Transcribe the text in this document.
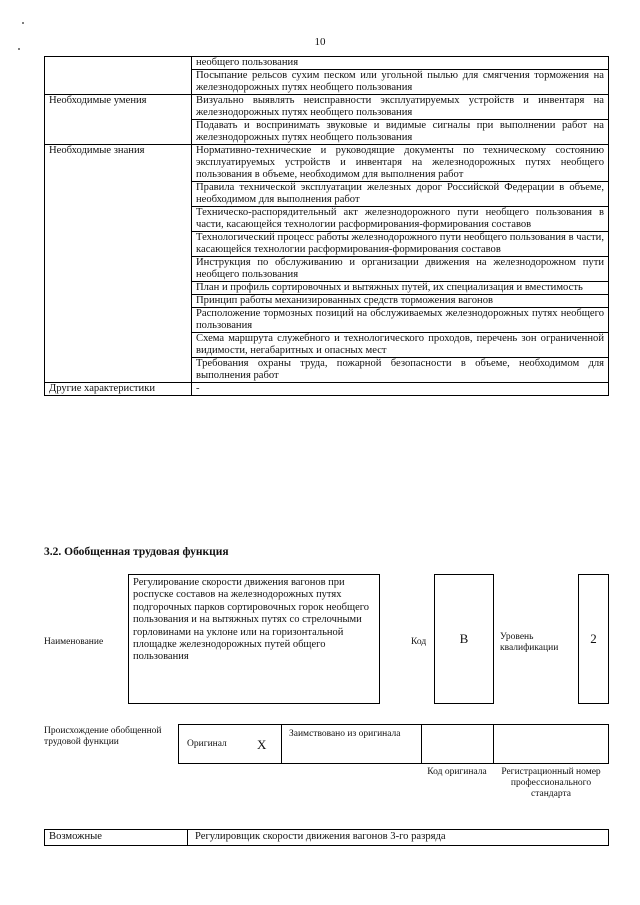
10
	необщего пользования
	Посыпание рельсов сухим песком или угольной пылью для смягчения торможения на железнодорожных путях необщего пользования
Необходимые умения	Визуально выявлять неисправности эксплуатируемых устройств и инвентаря на железнодорожных путях необщего пользования
	Подавать и воспринимать звуковые и видимые сигналы при выполнении работ на железнодорожных путях необщего пользования
Необходимые знания	Нормативно-технические и руководящие документы по техническому состоянию эксплуатируемых устройств и инвентаря на железнодорожных путях необщего пользования в объеме, необходимом для выполнения работ
	Правила технической эксплуатации железных дорог Российской Федерации в объеме, необходимом для выполнения работ
	Техническо-распорядительный акт железнодорожного пути необщего пользования в части, касающейся технологии расформирования-формирования составов
	Технологический процесс работы железнодорожного пути необщего пользования в части, касающейся технологии расформирования-формирования составов
	Инструкция по обслуживанию и организации движения на железнодорожном пути необщего пользования
	План и профиль сортировочных и вытяжных путей, их специализация и вместимость
	Принцип работы механизированных средств торможения вагонов
	Расположение тормозных позиций на обслуживаемых железнодорожных путях необщего пользования
	Схема маршрута служебного и технологического проходов, перечень зон ограниченной видимости, негабаритных и опасных мест
	Требования охраны труда, пожарной безопасности в объеме, необходимом для выполнения работ
Другие характеристики	-
3.2. Обобщенная трудовая функция
Наименование
Регулирование скорости движения вагонов при роспуске составов на железнодорожных путях подгорочных парков сортировочных горок необщего пользования и на вытяжных путях со стрелочными горловинами на уклоне или на горизонтальной площадке железнодорожных путей общего пользования
Код	В	Уровень квалификации
2
Происхождение обобщенной трудовой функции	Оригинал X
Заимствовано из оригинала
Код оригинала	Регистрационный номер профессионального стандарта
Возможные	Регулировщик скорости движения вагонов 3-го разряда
